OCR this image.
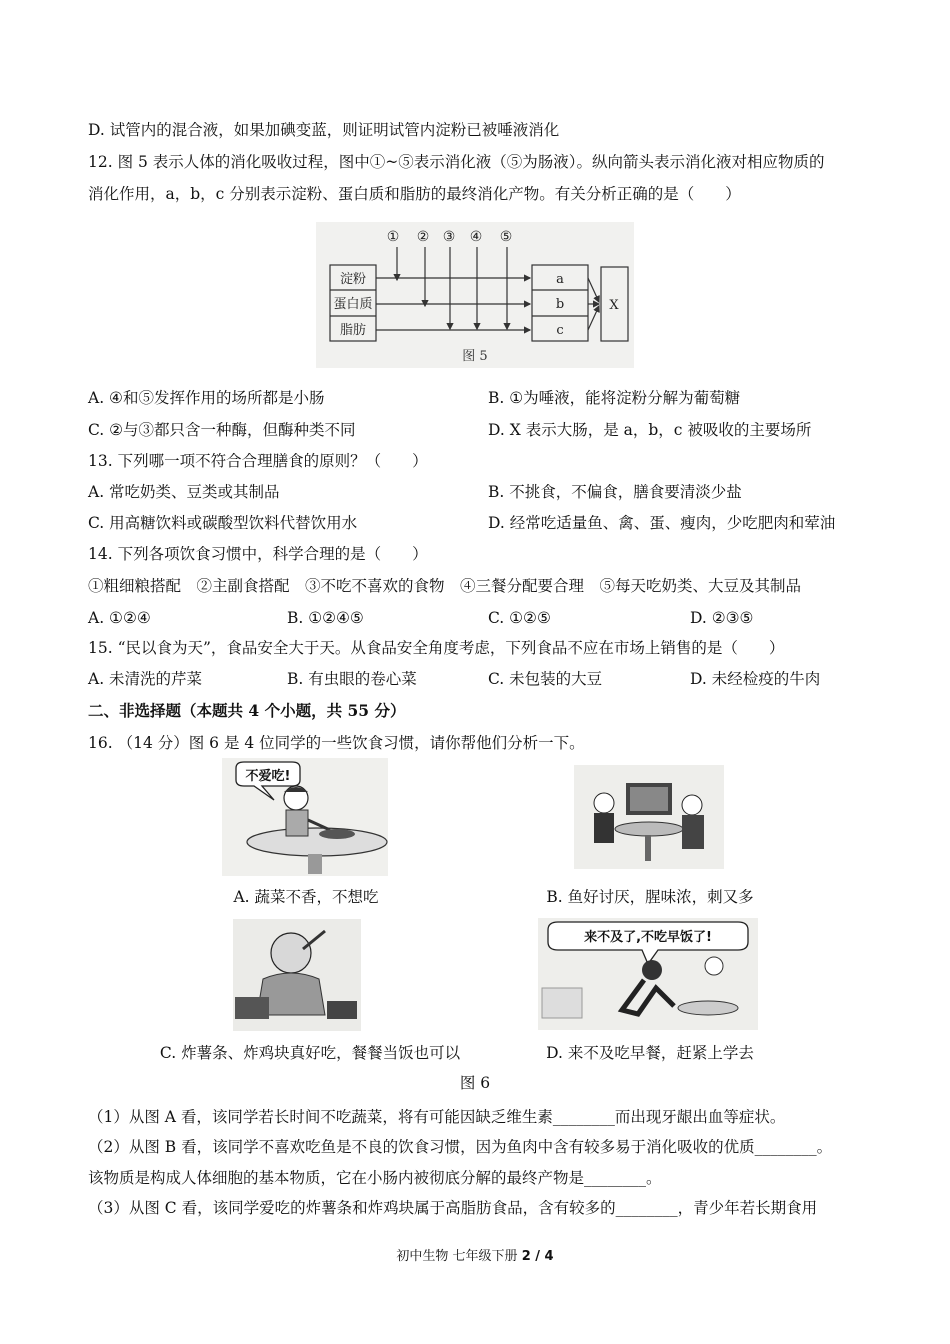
D. 试管内的混合液，如果加碘变蓝，则证明试管内淀粉已被唾液消化
12. 图 5 表示人体的消化吸收过程，图中①~⑤表示消化液（⑤为肠液）。纵向箭头表示消化液对相应物质的
消化作用，a，b，c 分别表示淀粉、蛋白质和脂肪的最终消化产物。有关分析正确的是（　　）
① ② ③ ④ ⑤
淀粉
蛋白质
脂肪
a
b
c
X
图 5
A. ④和⑤发挥作用的场所都是小肠	B. ①为唾液，能将淀粉分解为葡萄糖
C. ②与③都只含一种酶，但酶种类不同	D. X 表示大肠，是 a，b，c 被吸收的主要场所
13. 下列哪一项不符合合理膳食的原则？（　　）
A. 常吃奶类、豆类或其制品	B. 不挑食，不偏食，膳食要清淡少盐
C. 用高糖饮料或碳酸型饮料代替饮用水	D. 经常吃适量鱼、禽、蛋、瘦肉，少吃肥肉和荤油
14. 下列各项饮食习惯中，科学合理的是（　　）
①粗细粮搭配　②主副食搭配　③不吃不喜欢的食物　④三餐分配要合理　⑤每天吃奶类、大豆及其制品
A. ①②④	B. ①②④⑤	C. ①②⑤	D. ②③⑤
15. “民以食为天”，食品安全大于天。从食品安全角度考虑，下列食品不应在市场上销售的是（　　）
A. 未清洗的芹菜	B. 有虫眼的卷心菜	C. 未包装的大豆	D. 未经检疫的牛肉
二、非选择题（本题共 4 个小题，共 55 分）
16. （14 分）图 6 是 4 位同学的一些饮食习惯，请你帮他们分析一下。
不爱吃!
A. 蔬菜不香，不想吃	B. 鱼好讨厌，腥味浓，刺又多
来不及了,不吃早饭了!
C. 炸薯条、炸鸡块真好吃，餐餐当饭也可以	D. 来不及吃早餐，赶紧上学去
图 6
（1）从图 A 看，该同学若长时间不吃蔬菜，将有可能因缺乏维生素________而出现牙龈出血等症状。
（2）从图 B 看，该同学不喜欢吃鱼是不良的饮食习惯，因为鱼肉中含有较多易于消化吸收的优质________。
该物质是构成人体细胞的基本物质，它在小肠内被彻底分解的最终产物是________。
（3）从图 C 看，该同学爱吃的炸薯条和炸鸡块属于高脂肪食品，含有较多的________，青少年若长期食用
初中生物 七年级下册 2 / 4
